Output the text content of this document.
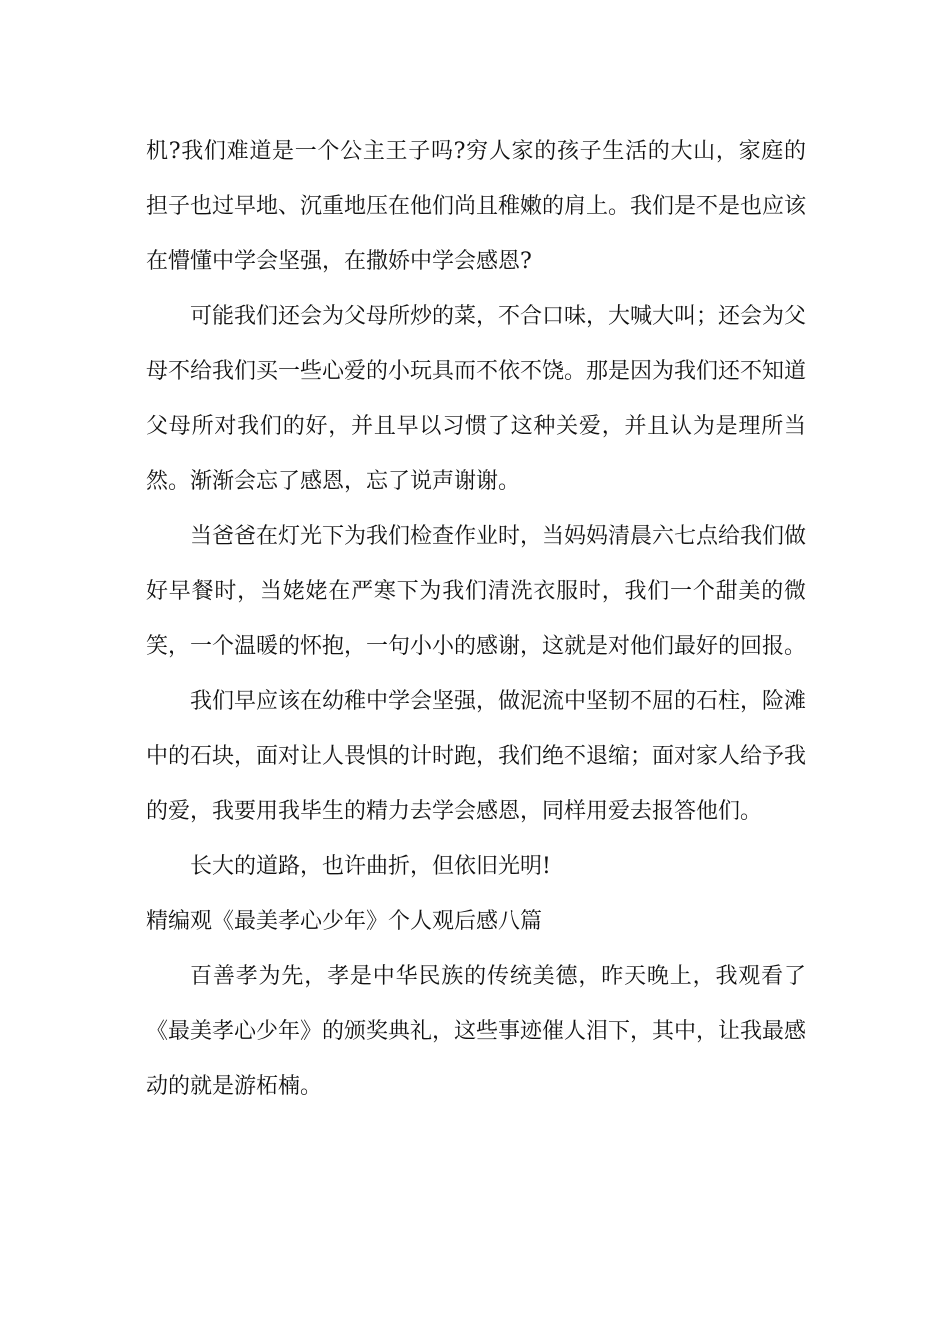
机?我们难道是一个公主王子吗?穷人家的孩子生活的大山，家庭的担子也过早地、沉重地压在他们尚且稚嫩的肩上。我们是不是也应该在懵懂中学会坚强，在撒娇中学会感恩?

可能我们还会为父母所炒的菜，不合口味，大喊大叫；还会为父母不给我们买一些心爱的小玩具而不依不饶。那是因为我们还不知道父母所对我们的好，并且早以习惯了这种关爱，并且认为是理所当然。渐渐会忘了感恩，忘了说声谢谢。

当爸爸在灯光下为我们检查作业时，当妈妈清晨六七点给我们做好早餐时，当姥姥在严寒下为我们清洗衣服时，我们一个甜美的微笑，一个温暖的怀抱，一句小小的感谢，这就是对他们最好的回报。

我们早应该在幼稚中学会坚强，做泥流中坚韧不屈的石柱，险滩中的石块，面对让人畏惧的计时跑，我们绝不退缩；面对家人给予我的爱，我要用我毕生的精力去学会感恩，同样用爱去报答他们。

长大的道路，也许曲折，但依旧光明!

精编观《最美孝心少年》个人观后感八篇

百善孝为先，孝是中华民族的传统美德，昨天晚上，我观看了《最美孝心少年》的颁奖典礼，这些事迹催人泪下，其中，让我最感动的就是游柘楠。
